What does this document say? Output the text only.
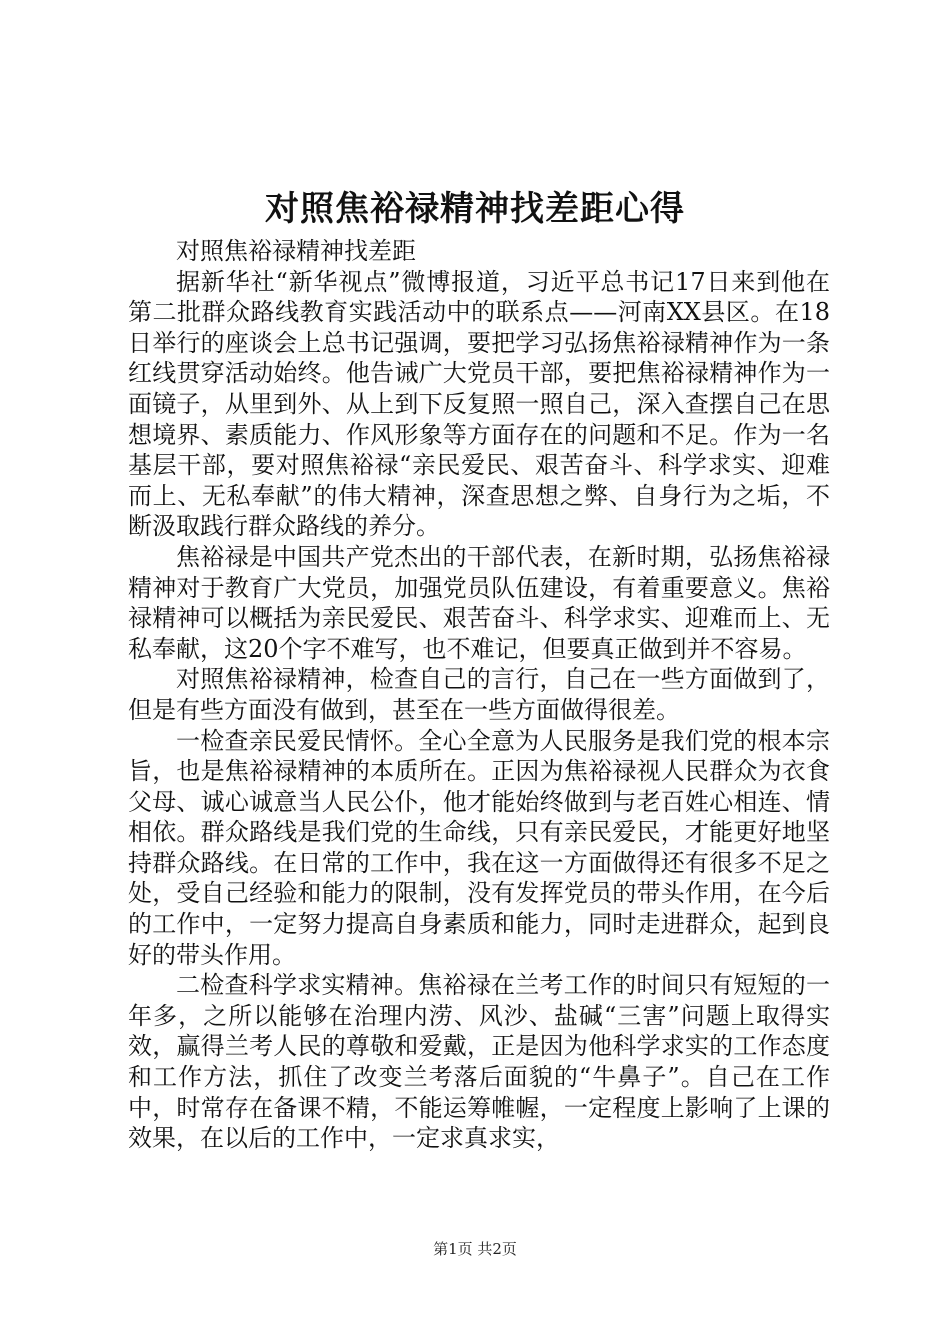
对照焦裕禄精神找差距心得

对照焦裕禄精神找差距

据新华社“新华视点”微博报道，习近平总书记17日来到他在第二批群众路线教育实践活动中的联系点——河南XX县区。在18日举行的座谈会上总书记强调，要把学习弘扬焦裕禄精神作为一条红线贯穿活动始终。他告诫广大党员干部，要把焦裕禄精神作为一面镜子，从里到外、从上到下反复照一照自己，深入查摆自己在思想境界、素质能力、作风形象等方面存在的问题和不足。作为一名基层干部，要对照焦裕禄“亲民爱民、艰苦奋斗、科学求实、迎难而上、无私奉献”的伟大精神，深查思想之弊、自身行为之垢，不断汲取践行群众路线的养分。

焦裕禄是中国共产党杰出的干部代表，在新时期，弘扬焦裕禄精神对于教育广大党员，加强党员队伍建设，有着重要意义。焦裕禄精神可以概括为亲民爱民、艰苦奋斗、科学求实、迎难而上、无私奉献，这20个字不难写，也不难记，但要真正做到并不容易。

对照焦裕禄精神，检查自己的言行，自己在一些方面做到了，但是有些方面没有做到，甚至在一些方面做得很差。

一检查亲民爱民情怀。全心全意为人民服务是我们党的根本宗旨，也是焦裕禄精神的本质所在。正因为焦裕禄视人民群众为衣食父母、诚心诚意当人民公仆，他才能始终做到与老百姓心相连、情相依。群众路线是我们党的生命线，只有亲民爱民，才能更好地坚持群众路线。在日常的工作中，我在这一方面做得还有很多不足之处，受自己经验和能力的限制，没有发挥党员的带头作用，在今后的工作中，一定努力提高自身素质和能力，同时走进群众，起到良好的带头作用。

二检查科学求实精神。焦裕禄在兰考工作的时间只有短短的一年多，之所以能够在治理内涝、风沙、盐碱“三害”问题上取得实效，赢得兰考人民的尊敬和爱戴，正是因为他科学求实的工作态度和工作方法，抓住了改变兰考落后面貌的“牛鼻子”。自己在工作中，时常存在备课不精，不能运筹帷幄，一定程度上影响了上课的效果，在以后的工作中，一定求真求实，

第1页 共2页
